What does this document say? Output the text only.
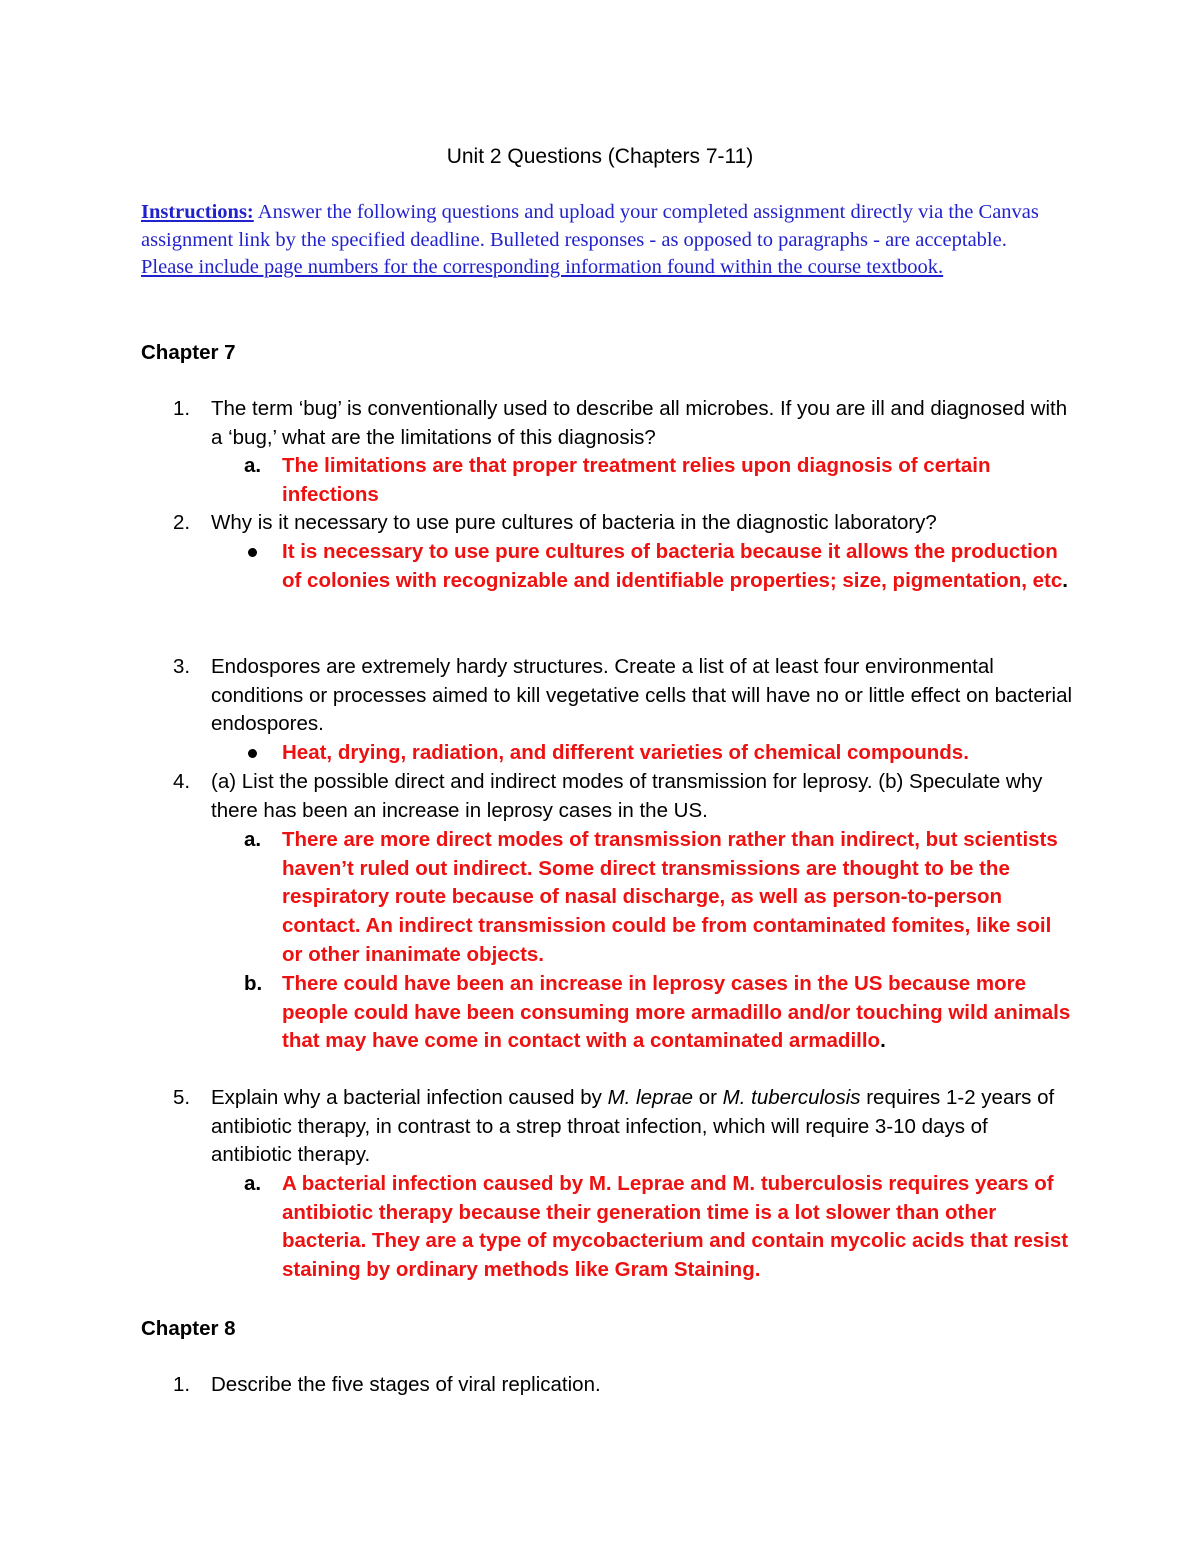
Unit 2 Questions (Chapters 7-11)
Instructions: Answer the following questions and upload your completed assignment directly via the Canvas assignment link by the specified deadline. Bulleted responses - as opposed to paragraphs - are acceptable. Please include page numbers for the corresponding information found within the course textbook.
Chapter 7
1. The term ‘bug’ is conventionally used to describe all microbes. If you are ill and diagnosed with a ‘bug,’ what are the limitations of this diagnosis?
a. The limitations are that proper treatment relies upon diagnosis of certain infections
2. Why is it necessary to use pure cultures of bacteria in the diagnostic laboratory?
It is necessary to use pure cultures of bacteria because it allows the production of colonies with recognizable and identifiable properties; size, pigmentation, etc.
3. Endospores are extremely hardy structures. Create a list of at least four environmental conditions or processes aimed to kill vegetative cells that will have no or little effect on bacterial endospores.
Heat, drying, radiation, and different varieties of chemical compounds.
4. (a) List the possible direct and indirect modes of transmission for leprosy. (b) Speculate why there has been an increase in leprosy cases in the US.
a. There are more direct modes of transmission rather than indirect, but scientists haven’t ruled out indirect. Some direct transmissions are thought to be the respiratory route because of nasal discharge, as well as person-to-person contact. An indirect transmission could be from contaminated fomites, like soil or other inanimate objects.
b. There could have been an increase in leprosy cases in the US because more people could have been consuming more armadillo and/or touching wild animals that may have come in contact with a contaminated armadillo.
5. Explain why a bacterial infection caused by M. leprae or M. tuberculosis requires 1-2 years of antibiotic therapy, in contrast to a strep throat infection, which will require 3-10 days of antibiotic therapy.
a. A bacterial infection caused by M. Leprae and M. tuberculosis requires years of antibiotic therapy because their generation time is a lot slower than other bacteria. They are a type of mycobacterium and contain mycolic acids that resist staining by ordinary methods like Gram Staining.
Chapter 8
1. Describe the five stages of viral replication.
